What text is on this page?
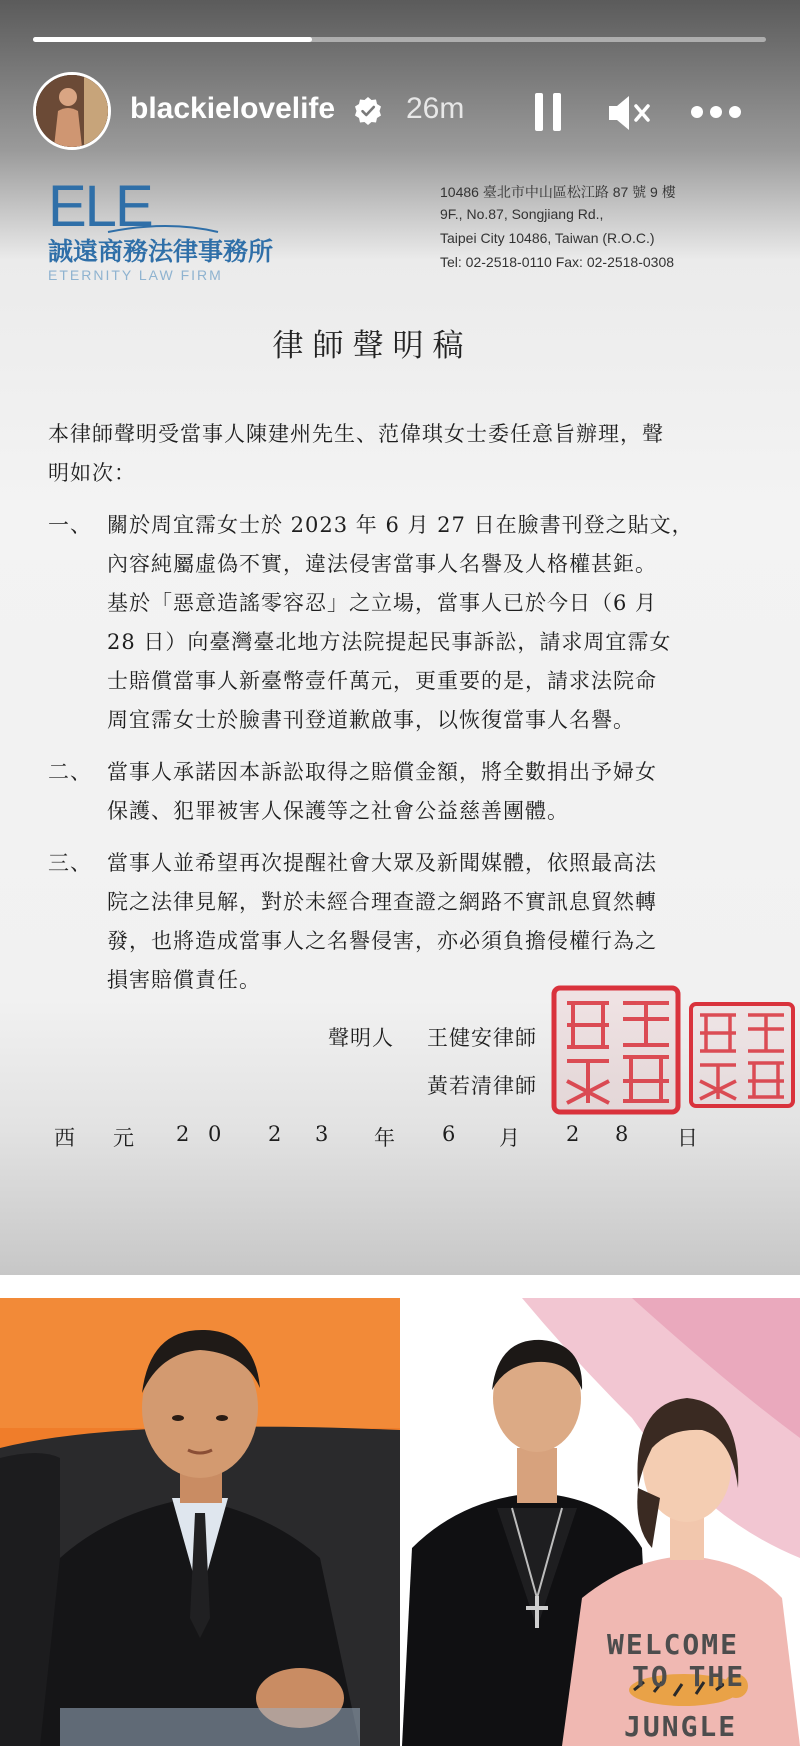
blackielovelife 26m
ELE
誠遠商務法律事務所
ETERNITY LAW FIRM
10486 臺北市中山區松江路 87 號 9 樓
9F., No.87, Songjiang Rd.,
Taipei City 10486, Taiwan (R.O.C.)
Tel: 02-2518-0110 Fax: 02-2518-0308
律師聲明稿
本律師聲明受當事人陳建州先生、范偉琪女士委任意旨辦理，聲
明如次：
一、 關於周宜霈女士於 2023 年 6 月 27 日在臉書刊登之貼文，
內容純屬虛偽不實，違法侵害當事人名譽及人格權甚鉅。
基於「惡意造謠零容忍」之立場，當事人已於今日（6 月
28 日）向臺灣臺北地方法院提起民事訴訟，請求周宜霈女
士賠償當事人新臺幣壹仟萬元，更重要的是，請求法院命
周宜霈女士於臉書刊登道歉啟事，以恢復當事人名譽。
二、 當事人承諾因本訴訟取得之賠償金額，將全數捐出予婦女
保護、犯罪被害人保護等之社會公益慈善團體。
三、 當事人並希望再次提醒社會大眾及新聞媒體，依照最高法
院之法律見解，對於未經合理查證之網路不實訊息貿然轉
發，也將造成當事人之名譽侵害，亦必須負擔侵權行為之
損害賠償責任。
聲明人 王健安律師
黃若清律師
西 元 2 0 2 3 年 6 月 2 8 日
WELCOME
TO THE
JUNGLE
